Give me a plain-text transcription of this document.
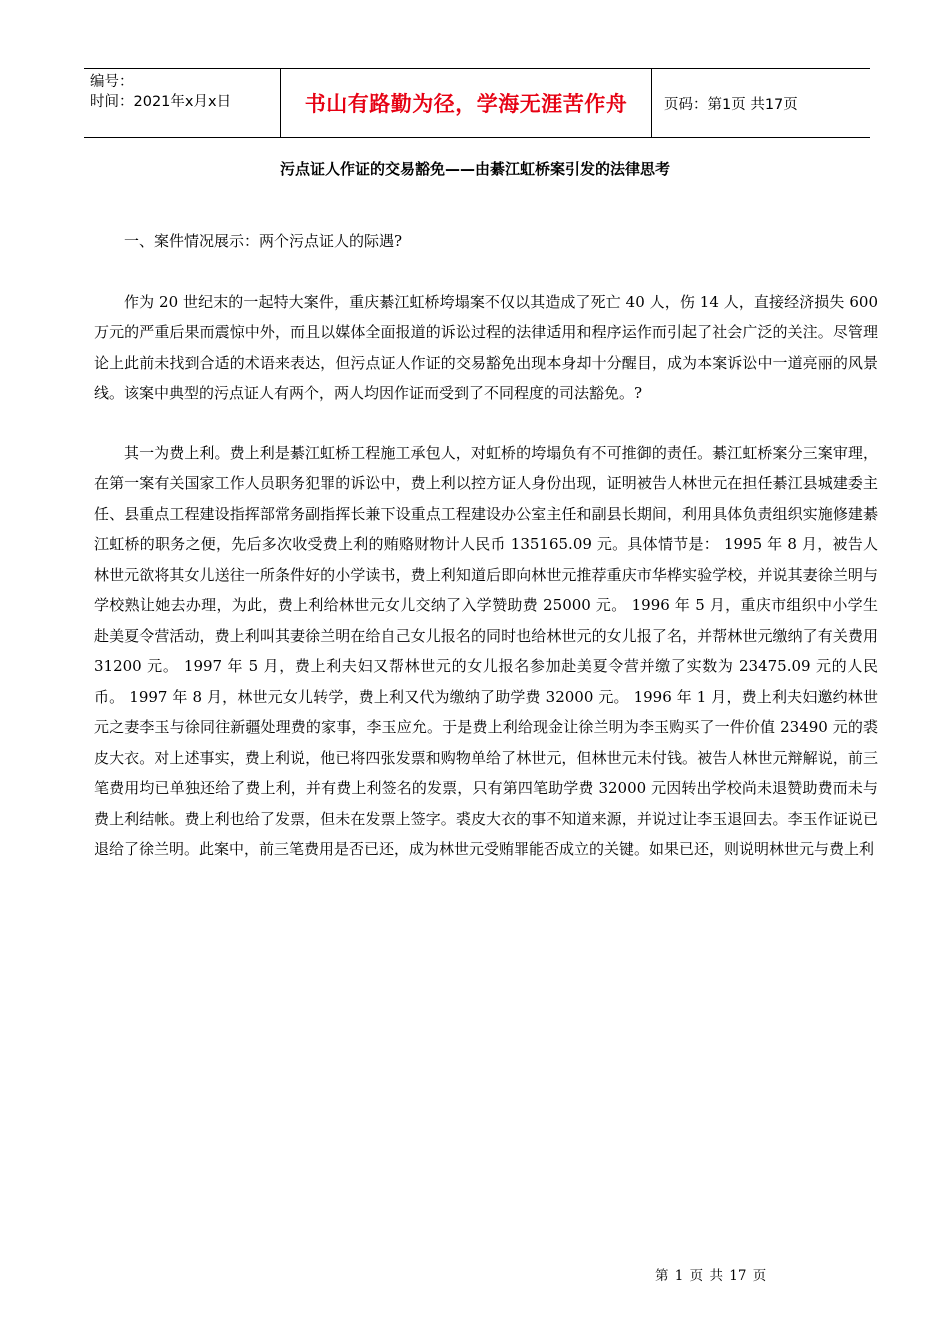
编号：
时间：2021年x月x日	书山有路勤为径，学海无涯苦作舟	页码：第1页 共17页
污点证人作证的交易豁免——由綦江虹桥案引发的法律思考

一、案件情况展示：两个污点证人的际遇?

作为 20 世纪末的一起特大案件，重庆綦江虹桥垮塌案不仅以其造成了死亡 40 人，伤 14 人，直接经济损失 600 万元的严重后果而震惊中外，而且以媒体全面报道的诉讼过程的法律适用和程序运作而引起了社会广泛的关注。尽管理论上此前未找到合适的术语来表达，但污点证人作证的交易豁免出现本身却十分醒目，成为本案诉讼中一道亮丽的风景线。该案中典型的污点证人有两个，两人均因作证而受到了不同程度的司法豁免。?

其一为费上利。费上利是綦江虹桥工程施工承包人，对虹桥的垮塌负有不可推御的责任。綦江虹桥案分三案审理，在第一案有关国家工作人员职务犯罪的诉讼中，费上利以控方证人身份出现，证明被告人林世元在担任綦江县城建委主任、县重点工程建设指挥部常务副指挥长兼下设重点工程建设办公室主任和副县长期间，利用具体负责组织实施修建綦江虹桥的职务之便，先后多次收受费上利的贿赂财物计人民币 135165.09 元。具体情节是： 1995 年 8 月，被告人林世元欲将其女儿送往一所条件好的小学读书，费上利知道后即向林世元推荐重庆市华桦实验学校，并说其妻徐兰明与学校熟让她去办理，为此，费上利给林世元女儿交纳了入学赞助费 25000 元。 1996 年 5 月，重庆市组织中小学生赴美夏令营活动，费上利叫其妻徐兰明在给自己女儿报名的同时也给林世元的女儿报了名，并帮林世元缴纳了有关费用 31200 元。 1997 年 5 月，费上利夫妇又帮林世元的女儿报名参加赴美夏令营并缴了实数为 23475.09 元的人民币。 1997 年 8 月，林世元女儿转学，费上利又代为缴纳了助学费 32000 元。 1996 年 1 月，费上利夫妇邀约林世元之妻李玉与徐同往新疆处理费的家事，李玉应允。于是费上利给现金让徐兰明为李玉购买了一件价值 23490 元的裘皮大衣。对上述事实，费上利说，他已将四张发票和购物单给了林世元，但林世元未付钱。被告人林世元辩解说，前三笔费用均已单独还给了费上利，并有费上利签名的发票，只有第四笔助学费 32000 元因转出学校尚未退赞助费而未与费上利结帐。费上利也给了发票，但未在发票上签字。裘皮大衣的事不知道来源，并说过让李玉退回去。李玉作证说已退给了徐兰明。此案中，前三笔费用是否已还，成为林世元受贿罪能否成立的关键。如果已还，则说明林世元与费上利

第 1 页 共 17 页
